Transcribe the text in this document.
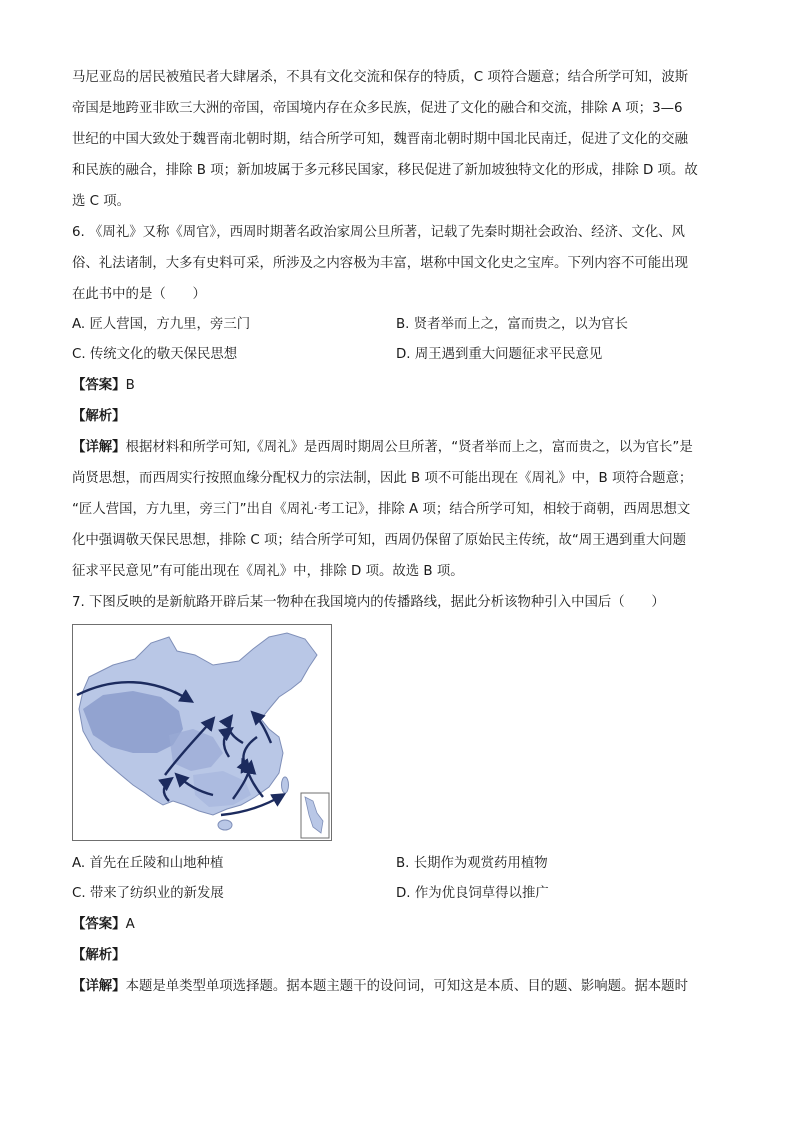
马尼亚岛的居民被殖民者大肆屠杀，不具有文化交流和保存的特质，C 项符合题意；结合所学可知，波斯
帝国是地跨亚非欧三大洲的帝国，帝国境内存在众多民族，促进了文化的融合和交流，排除 A 项；3—6
世纪的中国大致处于魏晋南北朝时期，结合所学可知，魏晋南北朝时期中国北民南迁，促进了文化的交融
和民族的融合，排除 B 项；新加坡属于多元移民国家，移民促进了新加坡独特文化的形成，排除 D 项。故
选 C 项。
6. 《周礼》又称《周官》，西周时期著名政治家周公旦所著，记载了先秦时期社会政治、经济、文化、风
俗、礼法诸制，大多有史料可采，所涉及之内容极为丰富，堪称中国文化史之宝库。下列内容不可能出现
在此书中的是（　　）
A. 匠人营国，方九里，旁三门	B. 贤者举而上之，富而贵之，以为官长
C. 传统文化的敬天保民思想	D. 周王遇到重大问题征求平民意见
【答案】B
【解析】
【详解】根据材料和所学可知,《周礼》是西周时期周公旦所著，“贤者举而上之，富而贵之，以为官长”是
尚贤思想，而西周实行按照血缘分配权力的宗法制，因此 B 项不可能出现在《周礼》中，B 项符合题意；
“匠人营国，方九里，旁三门”出自《周礼·考工记》，排除 A 项；结合所学可知，相较于商朝，西周思想文
化中强调敬天保民思想，排除 C 项；结合所学可知，西周仍保留了原始民主传统，故“周王遇到重大问题
征求平民意见”有可能出现在《周礼》中，排除 D 项。故选 B 项。
7. 下图反映的是新航路开辟后某一物种在我国境内的传播路线，据此分析该物种引入中国后（　　）
A. 首先在丘陵和山地种植	B. 长期作为观赏药用植物
C. 带来了纺织业的新发展	D. 作为优良饲草得以推广
【答案】A
【解析】
【详解】本题是单类型单项选择题。据本题主题干的设问词，可知这是本质、目的题、影响题。据本题时
